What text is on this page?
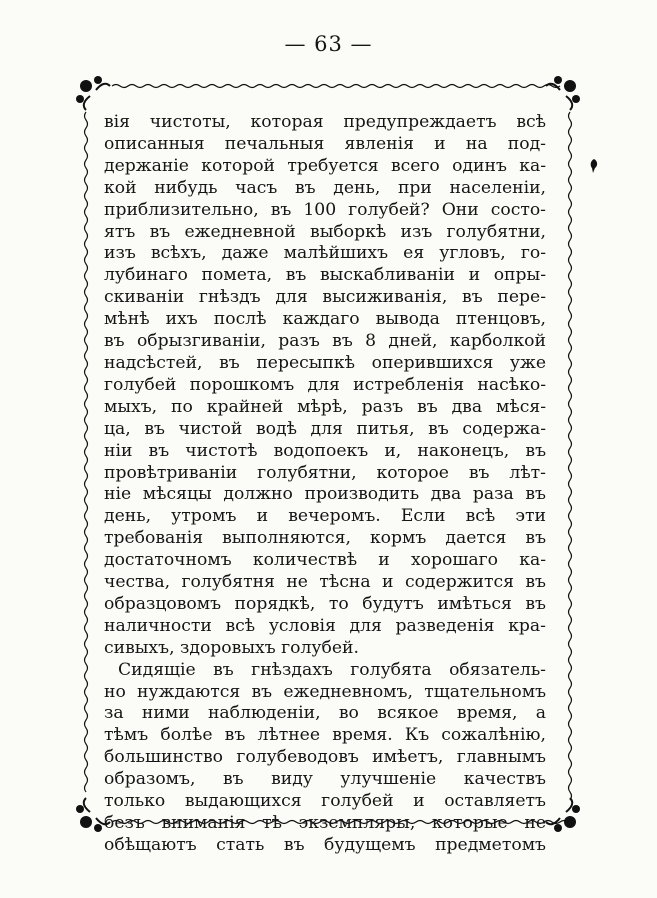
— 63 —
вія чистоты, которая предупреждаетъ всѣ
описанныя печальныя явленія и на под-
держаніе которой требуется всего одинъ ка-
кой нибудь часъ въ день, при населеніи,
приблизительно, въ 100 голубей? Они состо-
ятъ въ ежедневной выборкѣ изъ голубятни,
изъ всѣхъ, даже малѣйшихъ ея угловъ, го-
лубинаго помета, въ выскабливаніи и опры-
скиваніи гнѣздъ для высиживанія, въ пере-
мѣнѣ ихъ послѣ каждаго вывода птенцовъ,
въ обрызгиваніи, разъ въ 8 дней, карболкой
надсѣстей, въ пересыпкѣ оперившихся уже
голубей порошкомъ для истребленія насѣко-
мыхъ, по крайней мѣрѣ, разъ въ два мѣся-
ца, въ чистой водѣ для питья, въ содержа-
ніи въ чистотѣ водопоекъ и, наконецъ, въ
провѣтриваніи голубятни, которое въ лѣт-
ніе мѣсяцы должно производить два раза въ
день, утромъ и вечеромъ. Если всѣ эти
требованія выполняются, кормъ дается въ
достаточномъ количествѣ и хорошаго ка-
чества, голубятня не тѣсна и содержится въ
образцовомъ порядкѣ, то будутъ имѣться въ
наличности всѣ условія для разведенія кра-
сивыхъ, здоровыхъ голубей.
Сидящіе въ гнѣздахъ голубята обязатель-
но нуждаются въ ежедневномъ, тщательномъ
за ними наблюденіи, во всякое время, а
тѣмъ болѣе въ лѣтнее время. Къ сожалѣнію,
большинство голубеводовъ имѣетъ, главнымъ
образомъ, въ виду улучшеніе качествъ
только выдающихся голубей и оставляетъ
безъ вниманія тѣ экземпляры, которые не
обѣщаютъ стать въ будущемъ предметомъ
